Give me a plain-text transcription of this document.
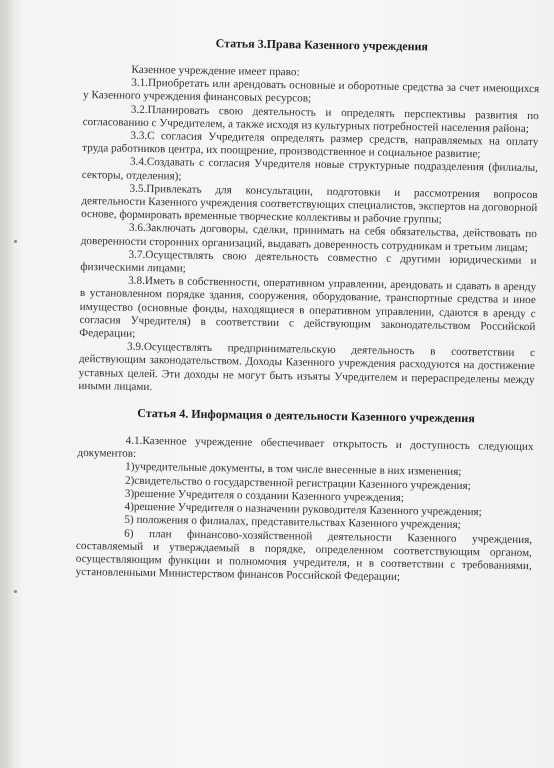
Статья 3.Права Казенного учреждения

Казенное учреждение имеет право:

3.1.Приобретать или арендовать основные и оборотные средства за счет имеющихся у Казенного учреждения финансовых ресурсов;

3.2.Планировать свою деятельность и определять перспективы развития по согласованию с Учредителем, а также исходя из культурных потребностей населения района;

3.3.С согласия Учредителя определять размер средств, направляемых на оплату труда работников центра, их поощрение, производственное и социальное развитие;

3.4.Создавать с согласия Учредителя новые структурные подразделения (филиалы, секторы, отделения);

3.5.Привлекать для консультации, подготовки и рассмотрения вопросов деятельности Казенного учреждения соответствующих специалистов, экспертов на договорной основе, формировать временные творческие коллективы и рабочие группы;

3.6.Заключать договоры, сделки, принимать на себя обязательства, действовать по доверенности сторонних организаций, выдавать доверенность сотрудникам и третьим лицам;

3.7.Осуществлять свою деятельность совместно с другими юридическими и физическими лицами;

3.8.Иметь в собственности, оперативном управлении, арендовать и сдавать в аренду в установленном порядке здания, сооружения, оборудование, транспортные средства и иное имущество (основные фонды, находящиеся в оперативном управлении, сдаются в аренду с согласия Учредителя) в соответствии с действующим законодательством Российской Федерации;

3.9.Осуществлять предпринимательскую деятельность в соответствии с действующим законодательством. Доходы Казенного учреждения расходуются на достижение уставных целей. Эти доходы не могут быть изъяты Учредителем и перераспределены между иными лицами.

Статья 4. Информация о деятельности Казенного учреждения

4.1.Казенное учреждение обеспечивает открытость и доступность следующих документов:

1)учредительные документы, в том числе внесенные в них изменения;

2)свидетельство о государственной регистрации Казенного учреждения;

3)решение Учредителя о создании Казенного учреждения;

4)решение Учредителя о назначении руководителя Казенного учреждения;

5) положения о филиалах, представительствах Казенного учреждения;

6) план финансово-хозяйственной деятельности Казенного учреждения, составляемый и утверждаемый в порядке, определенном соответствующим органом, осуществляющим функции и полномочия учредителя, и в соответствии с требованиями, установленными Министерством финансов Российской Федерации;
